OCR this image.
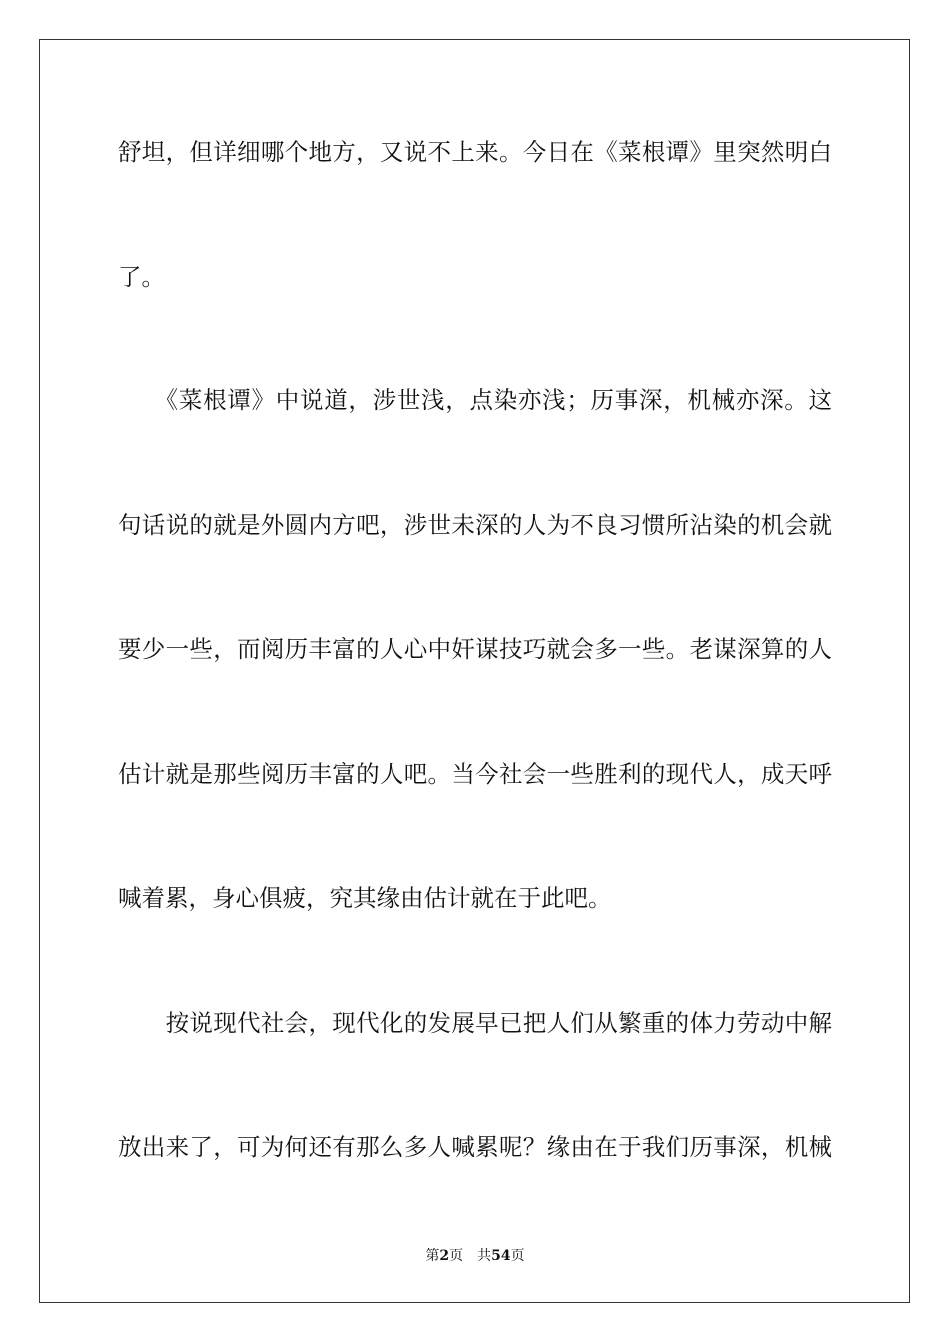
舒坦，但详细哪个地方，又说不上来。今日在《菜根谭》里突然明白
了。
　　《菜根谭》中说道，涉世浅，点染亦浅；历事深，机械亦深。这
句话说的就是外圆内方吧，涉世未深的人为不良习惯所沾染的机会就
要少一些，而阅历丰富的人心中奸谋技巧就会多一些。老谋深算的人
估计就是那些阅历丰富的人吧。当今社会一些胜利的现代人，成天呼
喊着累，身心俱疲，究其缘由估计就在于此吧。
　　按说现代社会，现代化的发展早已把人们从繁重的体力劳动中解
放出来了，可为何还有那么多人喊累呢？缘由在于我们历事深，机械
第2页  共54页
